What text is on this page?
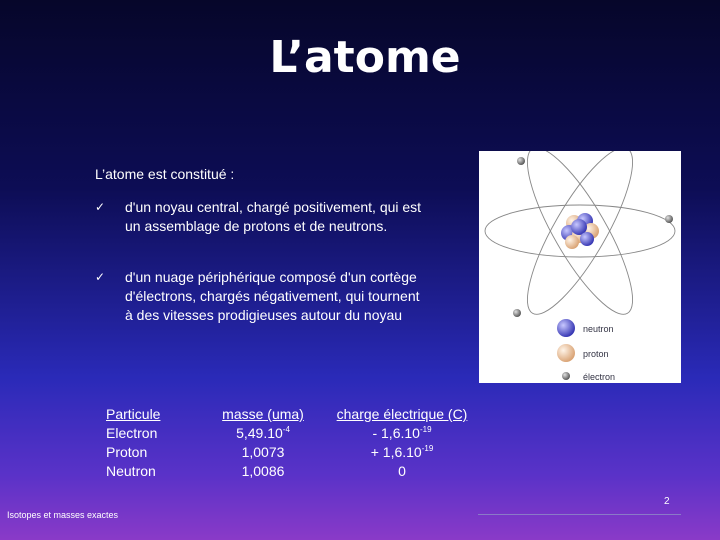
L’atome
L’atome est constitué :
✓ d'un noyau central, chargé positivement, qui est un assemblage de protons et de neutrons.
✓ d'un nuage périphérique composé d'un cortège d'électrons, chargés négativement, qui tournent à des vitesses prodigieuses autour du noyau
neutron
proton
électron
Particule
Electron
Proton
Neutron
masse (uma)
$5,49.10^{-4}$
1,0073
1,0086
charge électrique (C)
- $1,6.10^{-19}$
+ $1,6.10^{-19}$
0
2
Isotopes et masses exactes
